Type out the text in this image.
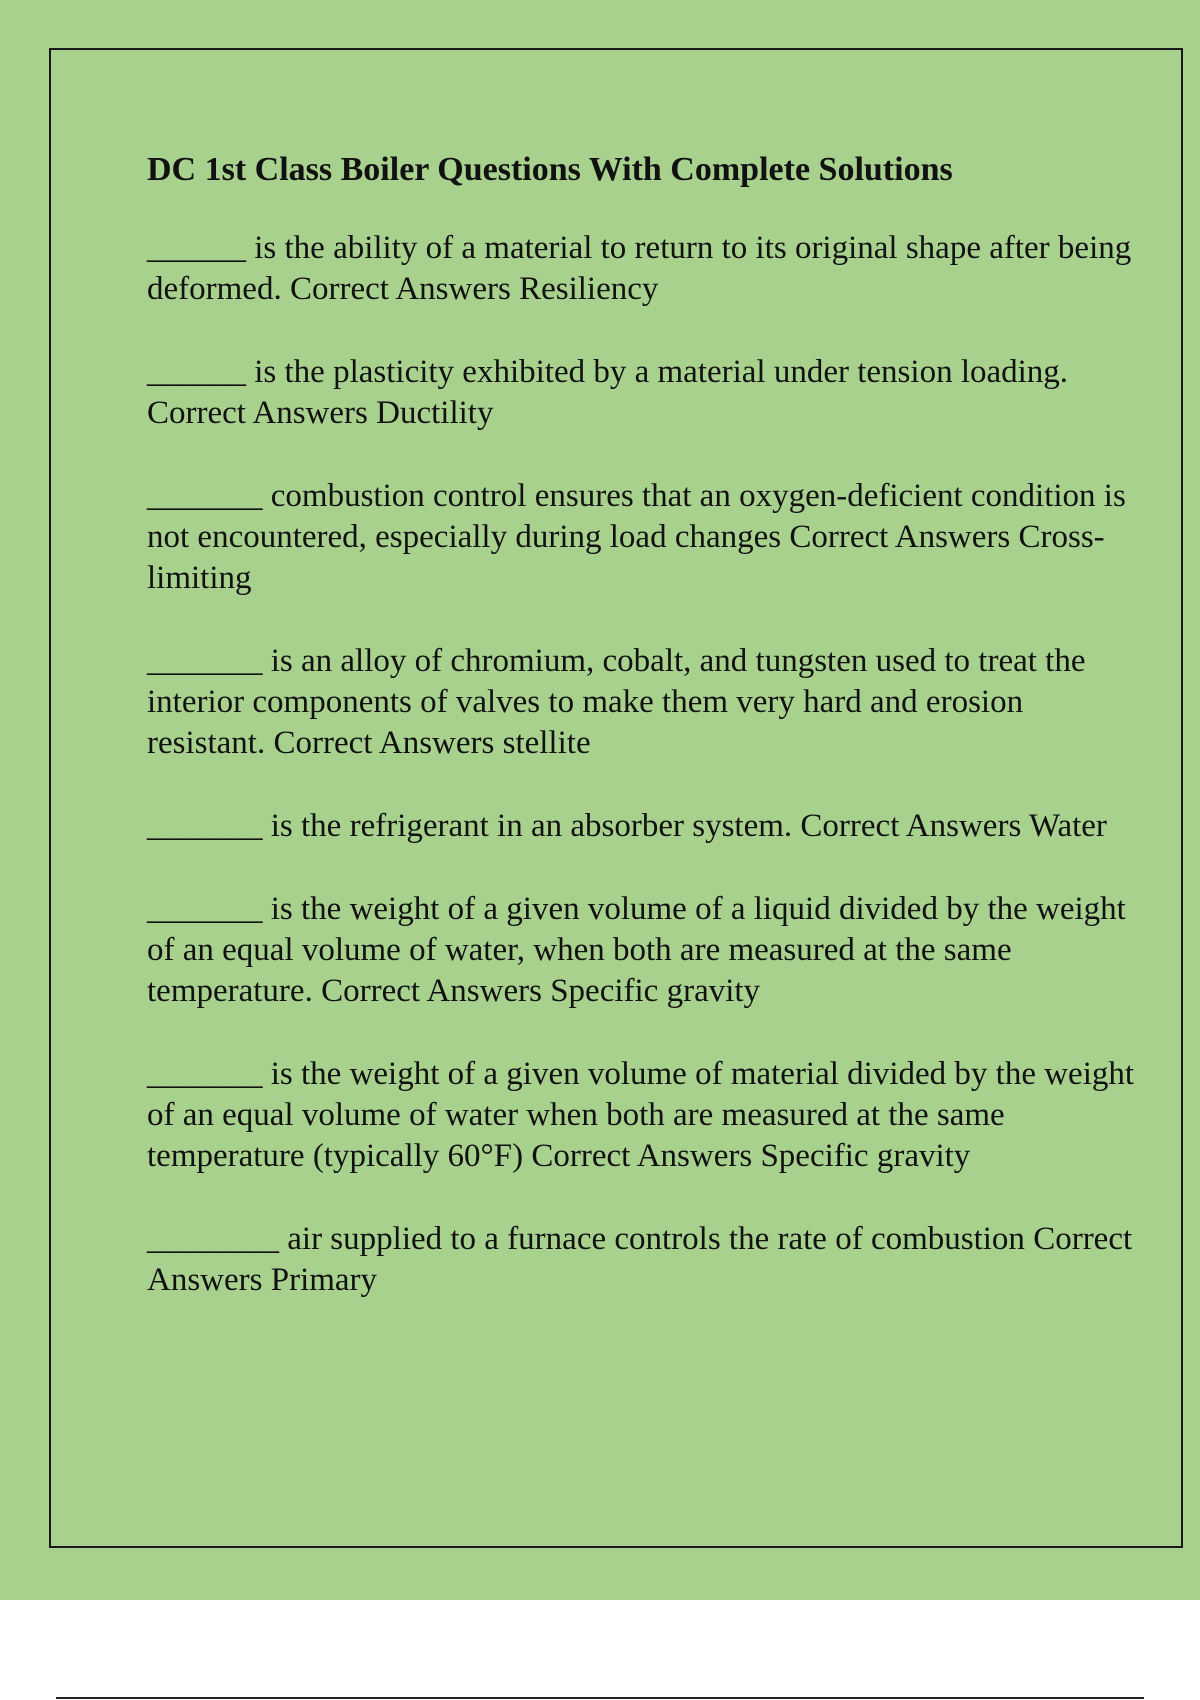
DC 1st Class Boiler Questions With Complete Solutions

______ is the ability of a material to return to its original shape after being deformed. Correct Answers Resiliency

______ is the plasticity exhibited by a material under tension loading. Correct Answers Ductility

_______ combustion control ensures that an oxygen-deficient condition is not encountered, especially during load changes Correct Answers Cross-limiting

_______ is an alloy of chromium, cobalt, and tungsten used to treat the interior components of valves to make them very hard and erosion resistant. Correct Answers stellite

_______ is the refrigerant in an absorber system. Correct Answers Water

_______ is the weight of a given volume of a liquid divided by the weight of an equal volume of water, when both are measured at the same temperature. Correct Answers Specific gravity

_______ is the weight of a given volume of material divided by the weight of an equal volume of water when both are measured at the same temperature (typically 60°F) Correct Answers Specific gravity

________ air supplied to a furnace controls the rate of combustion Correct Answers Primary
